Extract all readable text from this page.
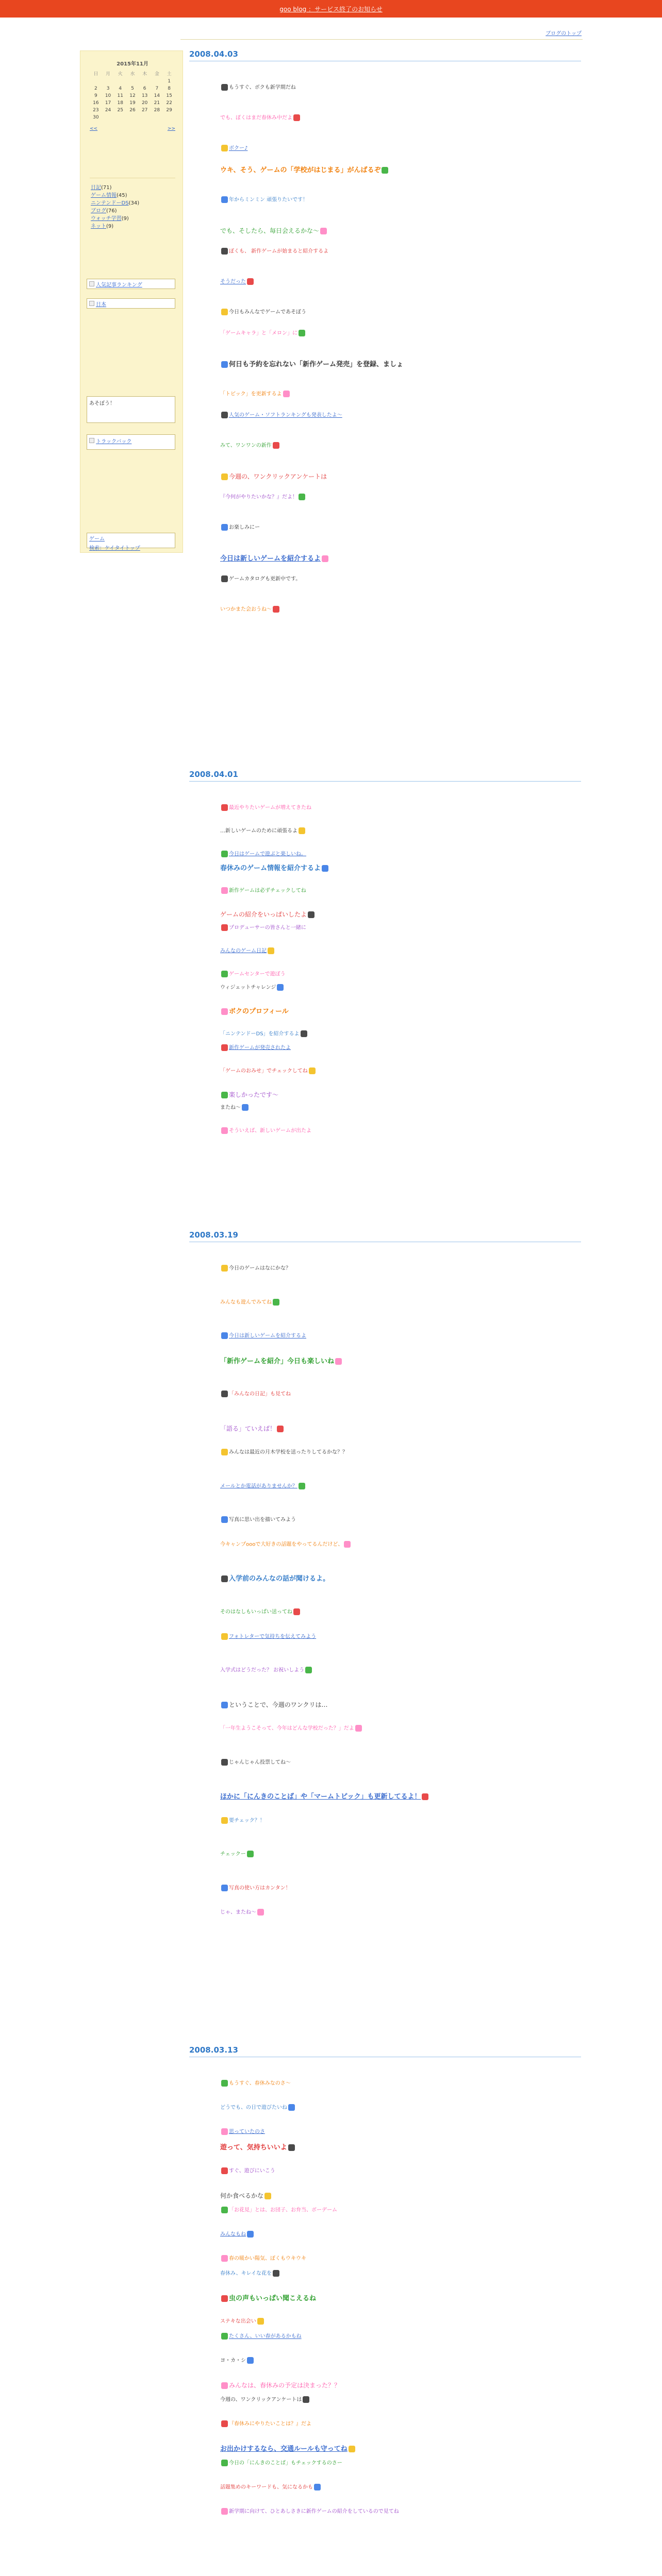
goo blog ：サービス終了のお知らせ
ブログのトップ
2015年11月
日	月	火	水	木	金	土
						1
2	3	4	5	6	7	8
9	10	11	12	13	14	15
16	17	18	19	20	21	22
23	24	25	26	27	28	29
30						
<<	>>
日記(71)
ゲーム情報(45)
ニンテンドーDS(34)
ブログ(76)
ウォッチ学習(9)
ネット(9)
人気記事ランキング
日本
あそぼう！
トラックバック
ゲーム
検索：ケイタイトップ
2008.04.03
もうすぐ、ボクも新学期だね
でも、ぼくはまだ春休み中だよ
ボクー♪
ウキ、そう、ゲームの「学校がはじまる」がんばるぞ
年からミンミン 頑張りたいです！
でも、そしたら、毎日会えるかな～
ぼくも、 新作ゲームが始まると紹介するよ
そうだった
今日もみんなでゲームであそぼう
「ゲームキャラ」と「メロン」に
何日も予約を忘れない「新作ゲーム発売」を登録、ましょ
「トピック」を更新するよ
人気のゲーム・ソフトランキングも発表したよ～
みて、ワンワンの新作
今週の、ワンクリックアンケートは
『今何がやりたいかな？』だよ！
お楽しみにー
今日は新しいゲームを紹介するよ
ゲームカタログも更新中です。
いつかまた会おうね～
2008.04.01
最近やりたいゲームが増えてきたね
…新しいゲームのために頑張るよ
今日はゲームで遊ぶと楽しいね。
春休みのゲーム情報を紹介するよ
新作ゲームは必ずチェックしてね
ゲームの紹介をいっぱいしたよ
プロデューサーの皆さんと一緒に
みんなのゲーム日記
ゲームセンターで遊ぼう
ウィジェットチャレンジ
ボクのプロフィール
「ニンテンドーDS」を紹介するよ
新作ゲームが発売されたよ
「ゲームのおみせ」でチェックしてね
楽しかったです～
またね～
そういえば、新しいゲームが出たよ
2008.03.19
今日のゲームはなにかな？
みんなも遊んでみてね
今日は新しいゲームを紹介するよ
「新作ゲームを紹介」今日も楽しいね
「みんなの日記」も見てね
「語る」ていえば！
みんなは最近の月木学校を送ったりしてるかな？？
メールとか電話がありませんか？
写真に思い出を描いてみよう
今キャンプoooで大好きの話題をやってるんだけど、
入学前のみんなの話が聞けるよ。
そのはなしもいっぱい送ってね
フォトレターで気持ちを伝えてみよう
入学式はどうだった？ お祝いしよう
ということで、今週のワンクリは…
「一年生ようこそって、今年はどんな学校だった？」だよ
じゃんじゃん投票してね～
ほかに「にんきのことば」や「マームトピック」も更新してるよ！
要チェック？！
チェックー
写真の使い方はカンタン！
じゃ、またね～
2008.03.13
もうすぐ、春休みなのさ～
どうでも、の日で遊びたいね
思っていたのさ
遊って、気持ちいいよ
すぐ、遊びにいこう
何か食べるかな
「お花見」とは、お団子、お弁当、ボーデーム
みんなもね
春の暖かい陽気、ぼくもウキウキ
春休み、キレイな花を
虫の声もいっぱい聞こえるね
ステキな出会い
たくさん、いい春があるかもね
ヨ・カ・シ
みんなは、春休みの予定は決まった？？
今週の、ワンクリックアンケートは
『春休みにやりたいことは？』だよ
お出かけするなら、交通ルールも守ってね
今日の「にんきのことば」もチェックするのさー
話題集めのキーワードも、気になるかも
新学期に向けて、ひとあしさきに新作ゲームの紹介をしているので見てね
